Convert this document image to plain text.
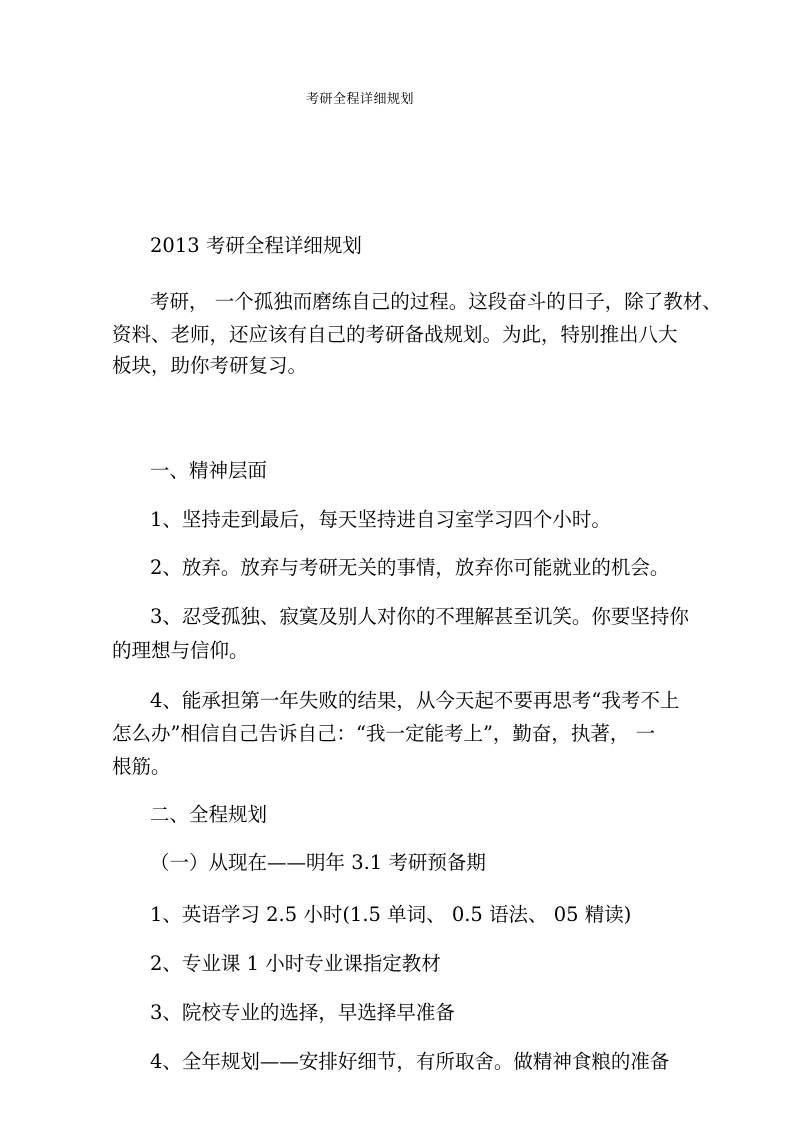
考研全程详细规划
2013 考研全程详细规划
考研， 一个孤独而磨练自己的过程。这段奋斗的日子，除了教材、
资料、老师，还应该有自己的考研备战规划。为此，特别推出八大
板块，助你考研复习。
一、精神层面
1、坚持走到最后，每天坚持进自习室学习四个小时。
2、放弃。放弃与考研无关的事情，放弃你可能就业的机会。
3、忍受孤独、寂寞及别人对你的不理解甚至讥笑。你要坚持你
的理想与信仰。
4、能承担第一年失败的结果，从今天起不要再思考“我考不上
怎么办”相信自己告诉自己：“我一定能考上”，勤奋，执著， 一
根筋。
二、全程规划
（一）从现在——明年 3.1 考研预备期
1、英语学习 2.5 小时(1.5 单词、 0.5 语法、 05 精读)
2、专业课 1 小时专业课指定教材
3、院校专业的选择，早选择早准备
4、全年规划——安排好细节，有所取舍。做精神食粮的准备
